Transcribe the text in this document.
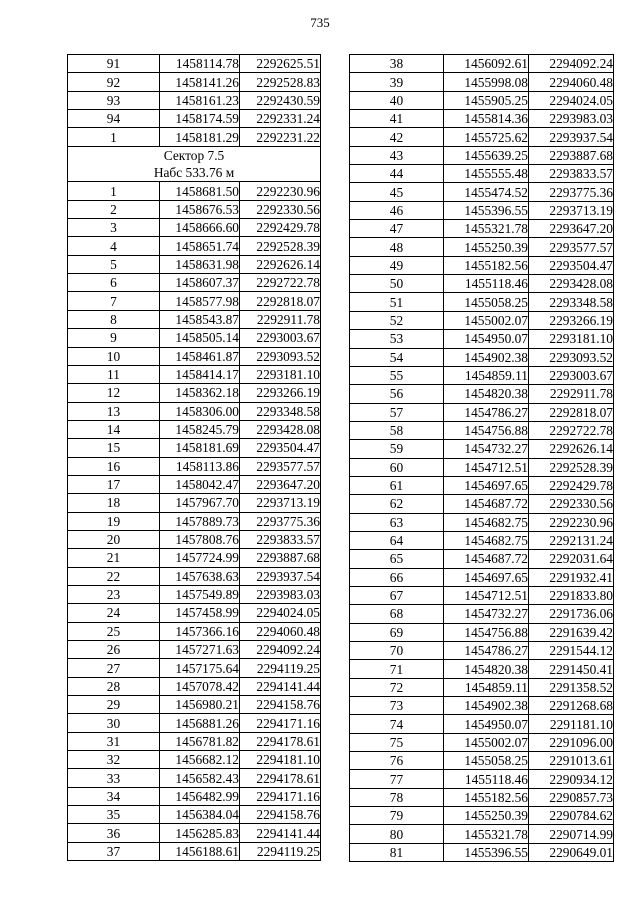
735
91	1458114.78	2292625.51
92	1458141.26	2292528.83
93	1458161.23	2292430.59
94	1458174.59	2292331.24
1	1458181.29	2292231.22
Сектор 7.5		
Набс 533.76 м		
1	1458681.50	2292230.96
2	1458676.53	2292330.56
3	1458666.60	2292429.78
4	1458651.74	2292528.39
5	1458631.98	2292626.14
6	1458607.37	2292722.78
7	1458577.98	2292818.07
8	1458543.87	2292911.78
9	1458505.14	2293003.67
10	1458461.87	2293093.52
11	1458414.17	2293181.10
12	1458362.18	2293266.19
13	1458306.00	2293348.58
14	1458245.79	2293428.08
15	1458181.69	2293504.47
16	1458113.86	2293577.57
17	1458042.47	2293647.20
18	1457967.70	2293713.19
19	1457889.73	2293775.36
20	1457808.76	2293833.57
21	1457724.99	2293887.68
22	1457638.63	2293937.54
23	1457549.89	2293983.03
24	1457458.99	2294024.05
25	1457366.16	2294060.48
26	1457271.63	2294092.24
27	1457175.64	2294119.25
28	1457078.42	2294141.44
29	1456980.21	2294158.76
30	1456881.26	2294171.16
31	1456781.82	2294178.61
32	1456682.12	2294181.10
33	1456582.43	2294178.61
34	1456482.99	2294171.16
35	1456384.04	2294158.76
36	1456285.83	2294141.44
37	1456188.61	2294119.25
38	1456092.61	2294092.24
39	1455998.08	2294060.48
40	1455905.25	2294024.05
41	1455814.36	2293983.03
42	1455725.62	2293937.54
43	1455639.25	2293887.68
44	1455555.48	2293833.57
45	1455474.52	2293775.36
46	1455396.55	2293713.19
47	1455321.78	2293647.20
48	1455250.39	2293577.57
49	1455182.56	2293504.47
50	1455118.46	2293428.08
51	1455058.25	2293348.58
52	1455002.07	2293266.19
53	1454950.07	2293181.10
54	1454902.38	2293093.52
55	1454859.11	2293003.67
56	1454820.38	2292911.78
57	1454786.27	2292818.07
58	1454756.88	2292722.78
59	1454732.27	2292626.14
60	1454712.51	2292528.39
61	1454697.65	2292429.78
62	1454687.72	2292330.56
63	1454682.75	2292230.96
64	1454682.75	2292131.24
65	1454687.72	2292031.64
66	1454697.65	2291932.41
67	1454712.51	2291833.80
68	1454732.27	2291736.06
69	1454756.88	2291639.42
70	1454786.27	2291544.12
71	1454820.38	2291450.41
72	1454859.11	2291358.52
73	1454902.38	2291268.68
74	1454950.07	2291181.10
75	1455002.07	2291096.00
76	1455058.25	2291013.61
77	1455118.46	2290934.12
78	1455182.56	2290857.73
79	1455250.39	2290784.62
80	1455321.78	2290714.99
81	1455396.55	2290649.01
